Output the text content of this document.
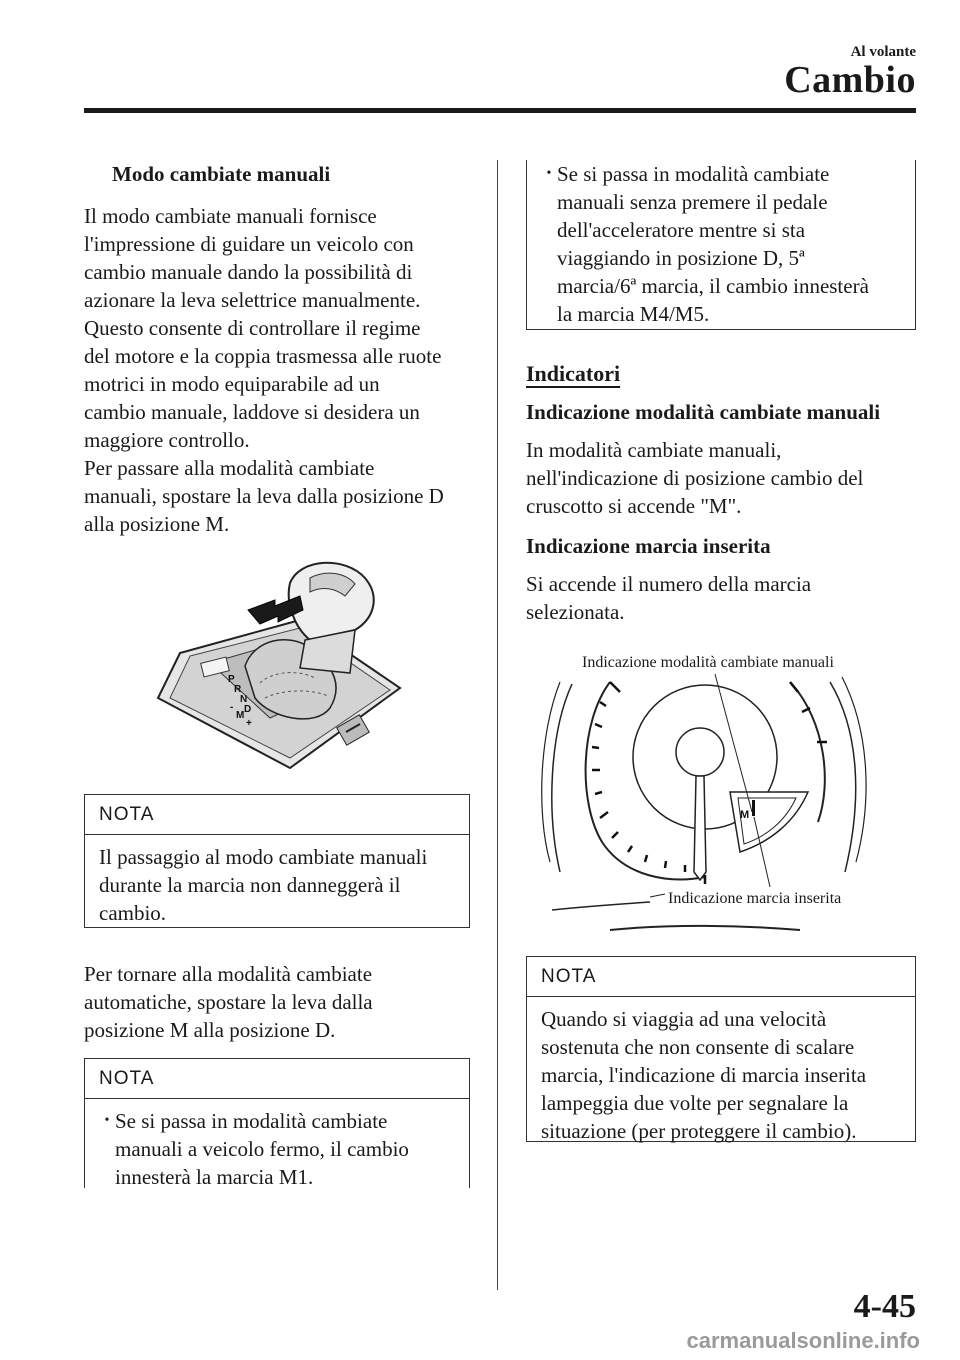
Al volante
Cambio
Modo cambiate manuali

Il modo cambiate manuali fornisce
l'impressione di guidare un veicolo con
cambio manuale dando la possibilità di
azionare la leva selettrice manualmente.
Questo consente di controllare il regime
del motore e la coppia trasmessa alle ruote
motrici in modo equiparabile ad un
cambio manuale, laddove si desidera un
maggiore controllo.
Per passare alla modalità cambiate
manuali, spostare la leva dalla posizione D
alla posizione M.

P
R
N
D
M
+
-
NOTA
Il passaggio al modo cambiate manuali
durante la marcia non danneggerà il
cambio.

Per tornare alla modalità cambiate
automatiche, spostare la leva dalla
posizione M alla posizione D.

NOTA
• Se si passa in modalità cambiate
manuali a veicolo fermo, il cambio
innesterà la marcia M1.
• Se si passa in modalità cambiate
manuali senza premere il pedale
dell'acceleratore mentre si sta
viaggiando in posizione D, 5ª
marcia/6ª marcia, il cambio innesterà
la marcia M4/M5.
Indicatori
Indicazione modalità cambiate manuali

In modalità cambiate manuali,
nell'indicazione di posizione cambio del
cruscotto si accende "M".

Indicazione marcia inserita

Si accende il numero della marcia
selezionata.

Indicazione modalità cambiate manuali
Indicazione marcia inserita
M
NOTA
Quando si viaggia ad una velocità
sostenuta che non consente di scalare
marcia, l'indicazione di marcia inserita
lampeggia due volte per segnalare la
situazione (per proteggere il cambio).
4-45
carmanualsonline.info
